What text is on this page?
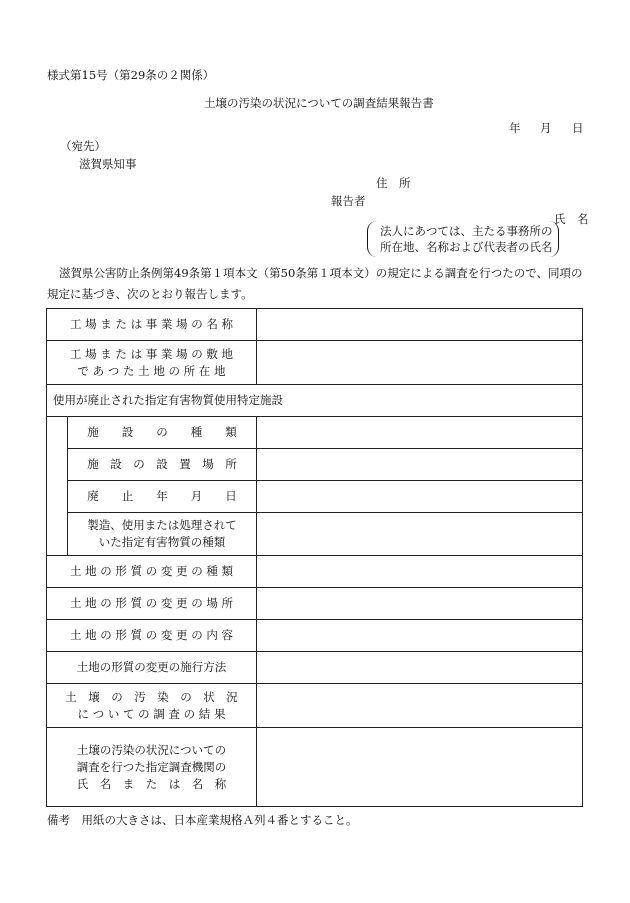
様式第15号（第29条の２関係）
土壌の汚染の状況についての調査結果報告書
年 月 日
（宛先）
滋賀県知事
住　所
報告者
氏　名
法人にあつては、主たる事務所の
所在地、名称および代表者の氏名
滋賀県公害防止条例第49条第１項本文（第50条第１項本文）の規定による調査を行つたので、同項の規定に基づき、次のとおり報告します。
工 場 ま た は 事 業 場 の 名 称		

工 場 ま た は 事 業 場 の 敷 地
で あ つ た 土 地 の 所 在 地		

使用が廃止された指定有害物質使用特定施設		
	施　　設　　の　　種　　類	
	施　設　の　設　置　場　所	
	廃　　止　　年　　月　　日	

	製造、使用または処理されて
いた指定有害物質の種類	

土 地 の 形 質 の 変 更 の 種 類		
土 地 の 形 質 の 変 更 の 場 所		
土 地 の 形 質 の 変 更 の 内 容		
土地の形質の変更の施行方法		

土　壌　の　汚　染　の　状　況
に つ い て の 調 査 の 結 果		

土壌の汚染の状況についての
調査を行つた指定調査機関の
氏　名　ま　た　は　名　称		

備考　用紙の大きさは、日本産業規格Ａ列４番とすること。
